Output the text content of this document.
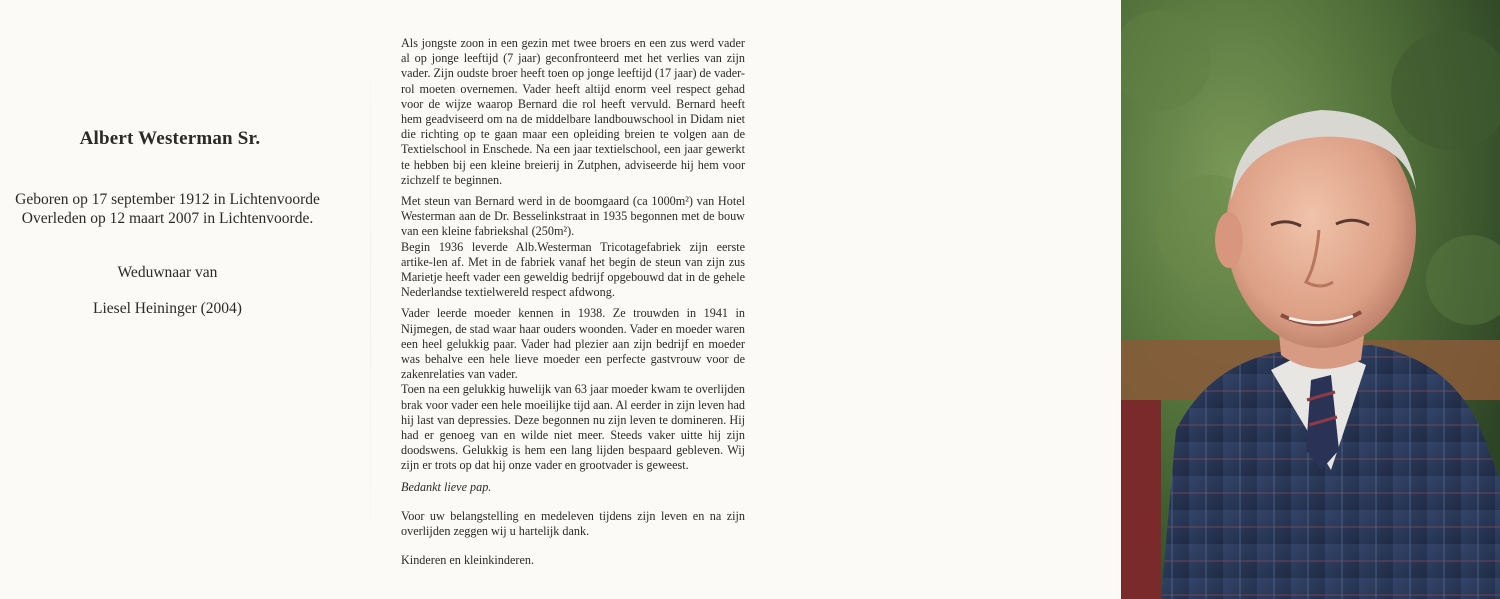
Albert Westerman Sr.
Geboren op 17 september 1912 in Lichtenvoorde
Overleden op 12 maart 2007 in Lichtenvoorde.
Weduwnaar van
Liesel Heininger (2004)

Als jongste zoon in een gezin met twee broers en een zus werd vader al op jonge leeftijd (7 jaar) geconfronteerd met het verlies van zijn vader. Zijn oudste broer heeft toen op jonge leeftijd (17 jaar) de vader-rol moeten overnemen. Vader heeft altijd enorm veel respect gehad voor de wijze waarop Bernard die rol heeft vervuld. Bernard heeft hem geadviseerd om na de middelbare landbouwschool in Didam niet die richting op te gaan maar een opleiding breien te volgen aan de Textielschool in Enschede. Na een jaar textielschool, een jaar gewerkt te hebben bij een kleine breierij in Zutphen, adviseerde hij hem voor zichzelf te beginnen.

Met steun van Bernard werd in de boomgaard (ca 1000m²) van Hotel Westerman aan de Dr. Besselinkstraat in 1935 begonnen met de bouw van een kleine fabriekshal (250m²).

Begin 1936 leverde Alb.Westerman Tricotagefabriek zijn eerste artike-len af. Met in de fabriek vanaf het begin de steun van zijn zus Marietje heeft vader een geweldig bedrijf opgebouwd dat in de gehele Nederlandse textielwereld respect afdwong.

Vader leerde moeder kennen in 1938. Ze trouwden in 1941 in Nijmegen, de stad waar haar ouders woonden. Vader en moeder waren een heel gelukkig paar. Vader had plezier aan zijn bedrijf en moeder was behalve een hele lieve moeder een perfecte gastvrouw voor de zakenrelaties van vader.

Toen na een gelukkig huwelijk van 63 jaar moeder kwam te overlijden brak voor vader een hele moeilijke tijd aan. Al eerder in zijn leven had hij last van depressies. Deze begonnen nu zijn leven te domineren. Hij had er genoeg van en wilde niet meer. Steeds vaker uitte hij zijn doodswens. Gelukkig is hem een lang lijden bespaard gebleven. Wij zijn er trots op dat hij onze vader en grootvader is geweest.

Bedankt lieve pap.

Voor uw belangstelling en medeleven tijdens zijn leven en na zijn overlijden zeggen wij u hartelijk dank.

Kinderen en kleinkinderen.
